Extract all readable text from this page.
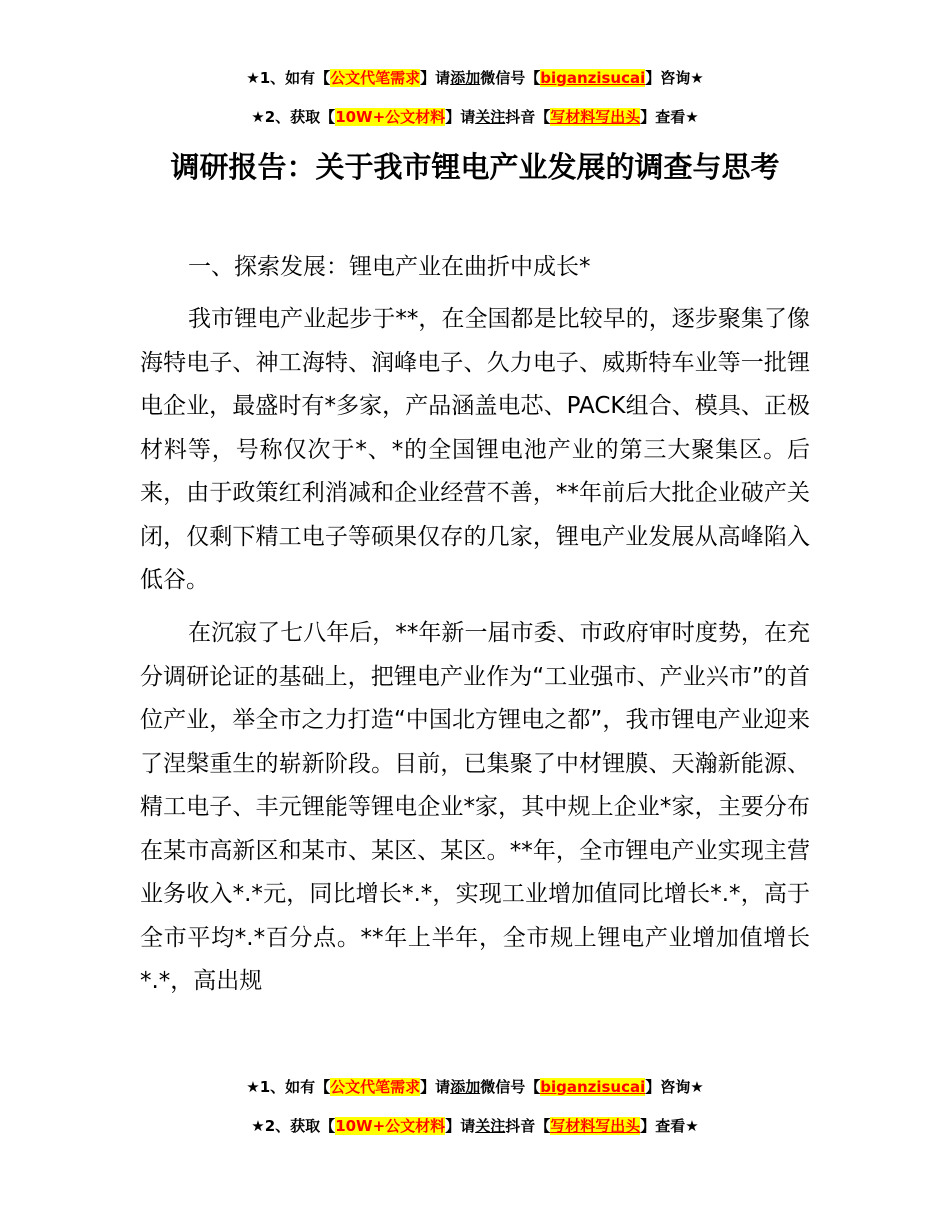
★1、如有【公文代笔需求】请添加微信号【biganzisucai】咨询★
★2、获取【10W+公文材料】请关注抖音【写材料写出头】查看★
调研报告：关于我市锂电产业发展的调查与思考

一、探索发展：锂电产业在曲折中成长*

我市锂电产业起步于**，在全国都是比较早的，逐步聚集了像海特电子、神工海特、润峰电子、久力电子、威斯特车业等一批锂电企业，最盛时有*多家，产品涵盖电芯、PACK组合、模具、正极材料等，号称仅次于*、*的全国锂电池产业的第三大聚集区。后来，由于政策红利消减和企业经营不善，**年前后大批企业破产关闭，仅剩下精工电子等硕果仅存的几家，锂电产业发展从高峰陷入低谷。

在沉寂了七八年后，**年新一届市委、市政府审时度势，在充分调研论证的基础上，把锂电产业作为“工业强市、产业兴市”的首位产业，举全市之力打造“中国北方锂电之都”，我市锂电产业迎来了涅槃重生的崭新阶段。目前，已集聚了中材锂膜、天瀚新能源、精工电子、丰元锂能等锂电企业*家，其中规上企业*家，主要分布在某市高新区和某市、某区、某区。**年，全市锂电产业实现主营业务收入*.*元，同比增长*.*，实现工业增加值同比增长*.*，高于全市平均*.*百分点。**年上半年，全市规上锂电产业增加值增长*.*，高出规

★1、如有【公文代笔需求】请添加微信号【biganzisucai】咨询★
★2、获取【10W+公文材料】请关注抖音【写材料写出头】查看★
